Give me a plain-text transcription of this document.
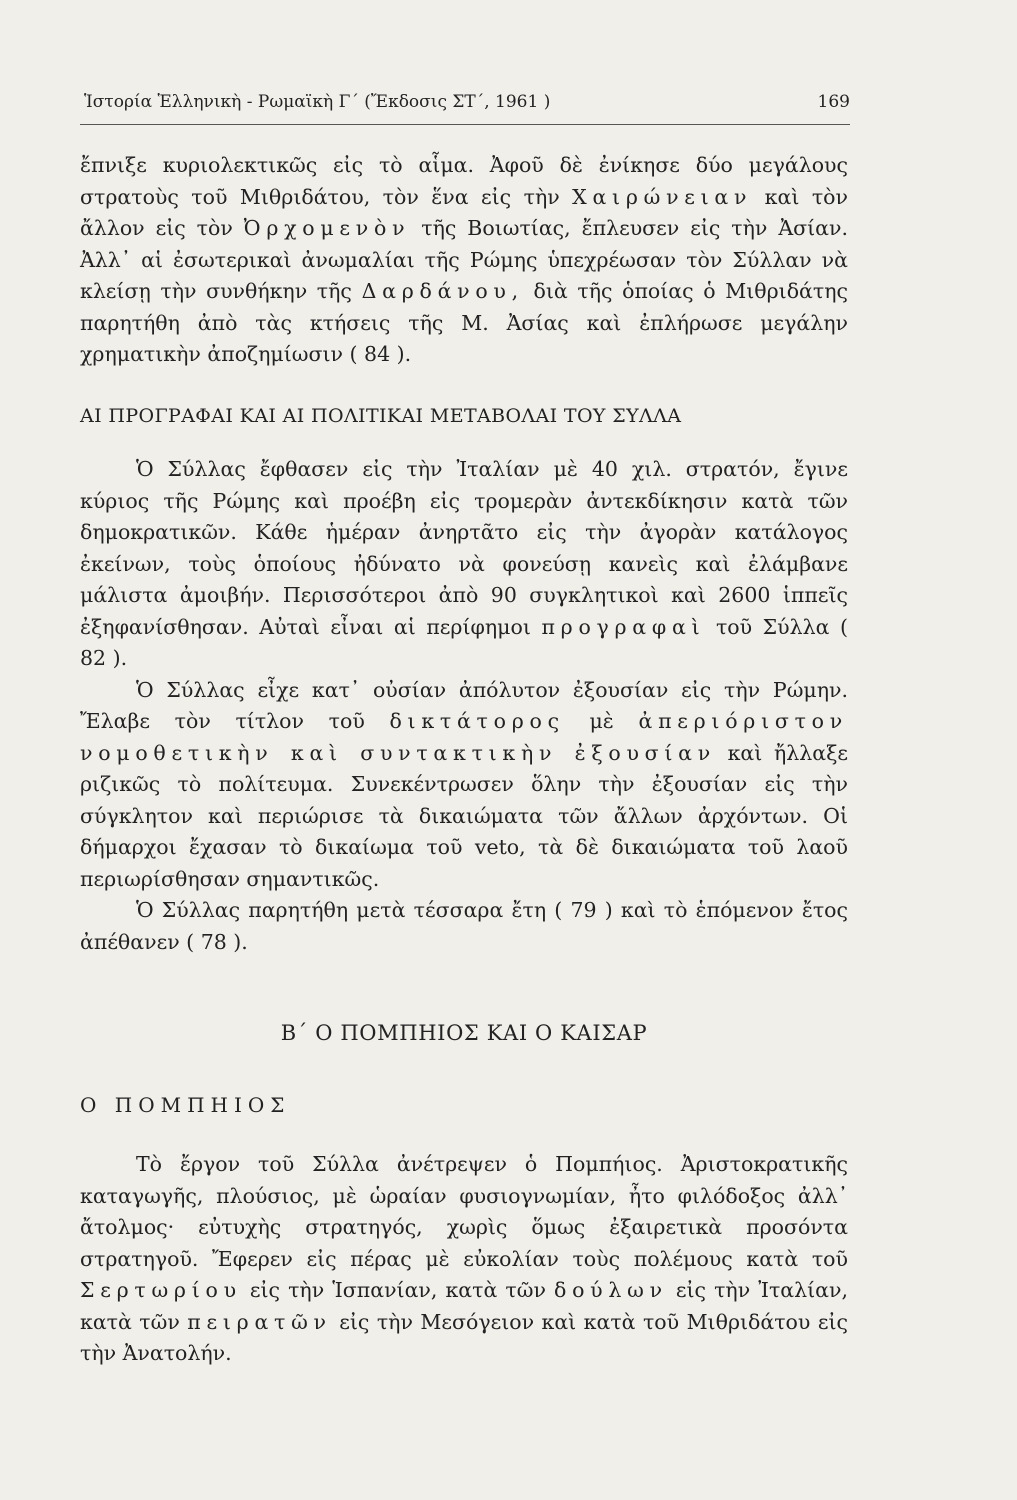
Ἱστορία Ἑλληνικὴ - Ρωμαϊκὴ Γ΄ (Ἔκδοσις ΣΤ΄, 1961 )	169

ἔπνιξε κυριολεκτικῶς εἰς τὸ αἷμα. Ἀφοῦ δὲ ἐνίκησε δύο μεγάλους στρατοὺς τοῦ Μιθριδάτου, τὸν ἕνα εἰς τὴν Χαιρώνειαν καὶ τὸν ἄλλον εἰς τὸν Ὀρχομενὸν τῆς Βοιωτίας, ἔπλευσεν εἰς τὴν Ἀσίαν. Ἀλλ᾽ αἱ ἐσωτερικαὶ ἀνωμαλίαι τῆς Ρώμης ὑπεχρέωσαν τὸν Σύλλαν νὰ κλείσῃ τὴν συνθήκην τῆς Δαρδάνου, διὰ τῆς ὁποίας ὁ Μιθριδάτης παρητήθη ἀπὸ τὰς κτήσεις τῆς Μ. Ἀσίας καὶ ἐπλήρωσε μεγάλην χρηματικὴν ἀποζημίωσιν ( 84 ).

ΑΙ ΠΡΟΓΡΑΦΑΙ ΚΑΙ ΑΙ ΠΟΛΙΤΙΚΑΙ ΜΕΤΑΒΟΛΑΙ ΤΟΥ ΣΥΛΛΑ

Ὁ Σύλλας ἔφθασεν εἰς τὴν Ἰταλίαν μὲ 40 χιλ. στρατόν, ἔγινε κύριος τῆς Ρώμης καὶ προέβη εἰς τρομερὰν ἀντεκδίκησιν κατὰ τῶν δημοκρατικῶν. Κάθε ἡμέραν ἀνηρτᾶτο εἰς τὴν ἀγορὰν κατάλογος ἐκείνων, τοὺς ὁποίους ἠδύνατο νὰ φονεύσῃ κανεὶς καὶ ἐλάμβανε μάλιστα ἀμοιβήν. Περισσότεροι ἀπὸ 90 συγκλητικοὶ καὶ 2600 ἱππεῖς ἐξηφανίσθησαν. Αὐταὶ εἶναι αἱ περίφημοι προγραφαὶ τοῦ Σύλλα ( 82 ).

Ὁ Σύλλας εἶχε κατ᾽ οὐσίαν ἀπόλυτον ἐξουσίαν εἰς τὴν Ρώμην. Ἔλαβε τὸν τίτλον τοῦ δικτάτορος μὲ ἀπεριόριστον νομοθετικὴν καὶ συντακτικὴν ἐξουσίαν καὶ ἤλλαξε ριζικῶς τὸ πολίτευμα. Συνεκέντρωσεν ὅλην τὴν ἐξουσίαν εἰς τὴν σύγκλητον καὶ περιώρισε τὰ δικαιώματα τῶν ἄλλων ἀρχόντων. Οἱ δήμαρχοι ἔχασαν τὸ δικαίωμα τοῦ veto, τὰ δὲ δικαιώματα τοῦ λαοῦ περιωρίσθησαν σημαντικῶς.

Ὁ Σύλλας παρητήθη μετὰ τέσσαρα ἔτη ( 79 ) καὶ τὸ ἑπόμενον ἔτος ἀπέθανεν ( 78 ).

Β΄ Ο ΠΟΜΠΗΙΟΣ ΚΑΙ Ο ΚΑΙΣΑΡ
Ο ΠΟΜΠΗΙΟΣ

Τὸ ἔργον τοῦ Σύλλα ἀνέτρεψεν ὁ Πομπήιος. Ἀριστοκρατικῆς καταγωγῆς, πλούσιος, μὲ ὡραίαν φυσιογνωμίαν, ἦτο φιλόδοξος ἀλλ᾽ ἄτολμος· εὐτυχὴς στρατηγός, χωρὶς ὅμως ἐξαιρετικὰ προσόντα στρατηγοῦ. Ἔφερεν εἰς πέρας μὲ εὐκολίαν τοὺς πολέμους κατὰ τοῦ Σερτωρίου εἰς τὴν Ἱσπανίαν, κατὰ τῶν δούλων εἰς τὴν Ἰταλίαν, κατὰ τῶν πειρατῶν εἰς τὴν Μεσόγειον καὶ κατὰ τοῦ Μιθριδάτου εἰς τὴν Ἀνατολήν.
